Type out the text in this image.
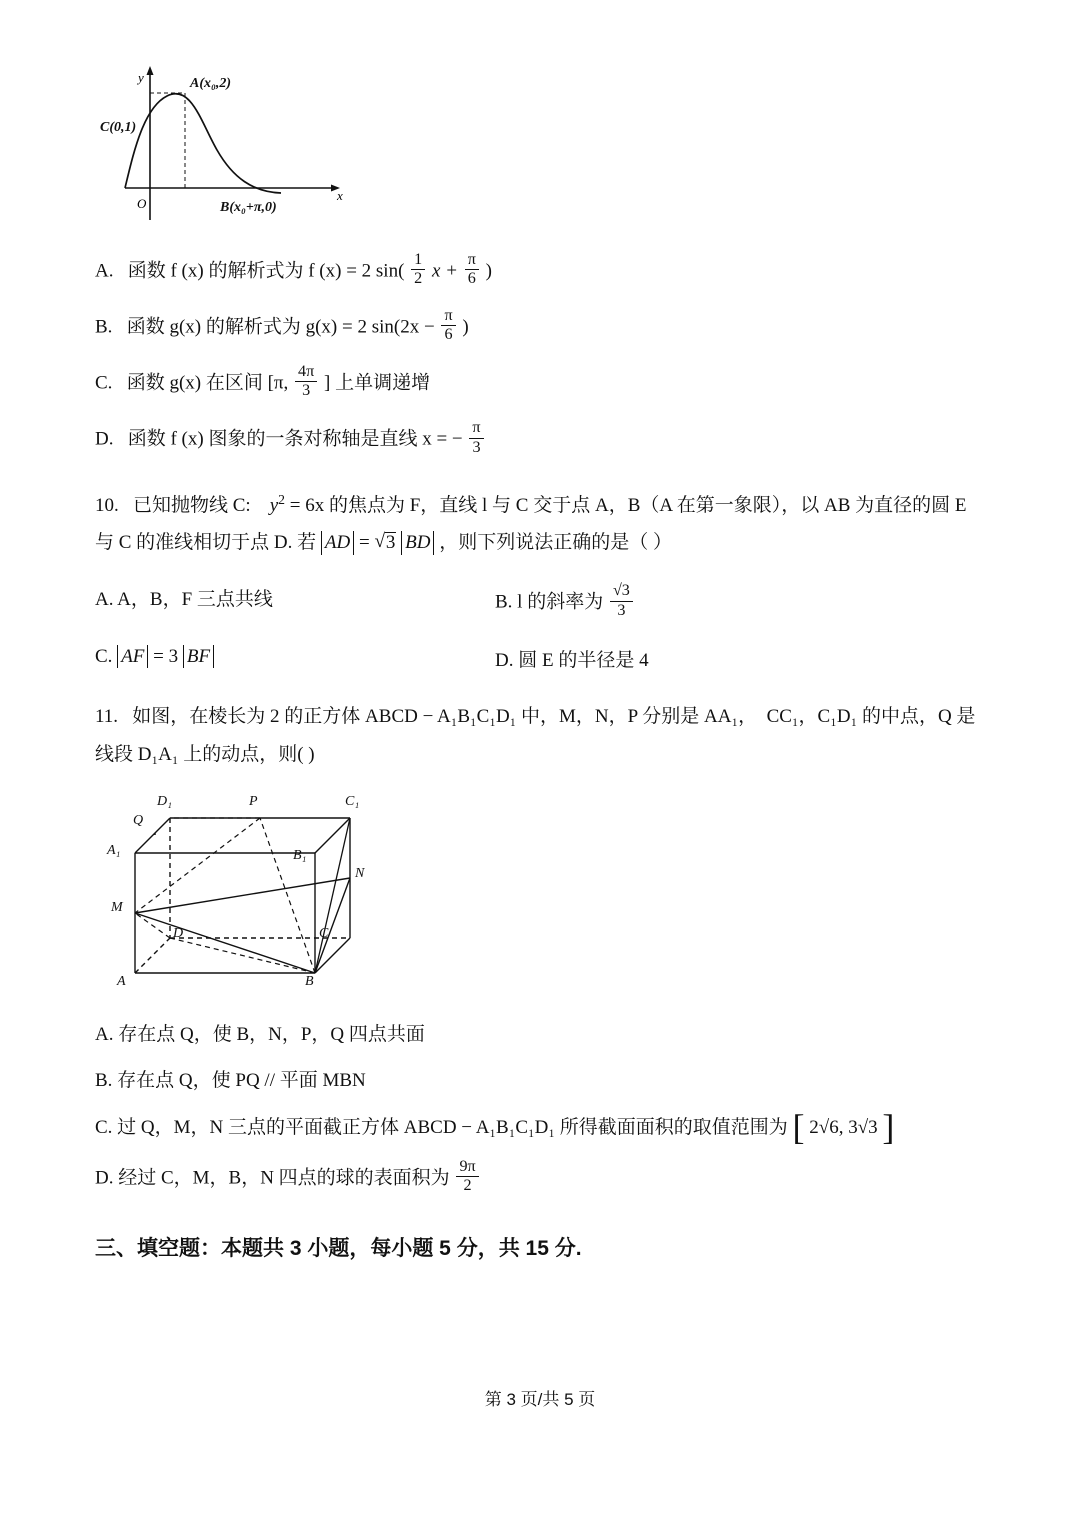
y
x
O
A(x₀,2)
C(0,1)
B(x₀+π,0)
A. 函数 f (x) 的解析式为 f (x) = 2 $\sin( \frac{1}{2}$ $x + \frac{\pi}{6}$ )
B. 函数 g(x) 的解析式为 g(x) = 2 $\sin(2x - \frac{\pi}{6}$ )
C. 函数 g(x) 在区间 [π, $\frac{4\pi}{3}$ ] 上单调递增
D. 函数 f (x) 图象的一条对称轴是直线 x = − $\frac{\pi}{3}$
10. 已知抛物线 C: $y^2 = 6x$ 的焦点为 F，直线 l 与 C 交于点 A，B（A 在第一象限），以 AB 为直径的圆 E
与 C 的准线相切于点 D. 若 AD = √ 3 BD ，则下列说法正确的是（ ）
A. A，B，F 三点共线	B. l 的斜率为 $\frac{√3}{3}$
C. AF = 3 BF	D. 圆 E 的半径是 4
11. 如图，在棱长为 2 的正方体 ABCD − A₁B₁C₁D₁ 中，M，N，P 分别是 AA₁，　CC₁，C₁D₁ 的中点，Q 是
线段 D₁A₁ 上的动点，则( )
D₁	P	C₁
Q
A₁	B₁
N
M
D	C
A	B
A. 存在点 Q，使 B，N，P，Q 四点共面
B. 存在点 Q，使 PQ // 平面 MBN
C. 过 Q，M，N 三点的平面截正方体 ABCD − A₁B₁C₁D₁ 所得截面面积的取值范围为 [ 2√6, 3√3 ]
D. 经过 C，M，B，N 四点的球的表面积为 $\frac{9\pi}{2}$
三、填空题：本题共 3 小题，每小题 5 分，共 15 分.
第 3 页/共 5 页
